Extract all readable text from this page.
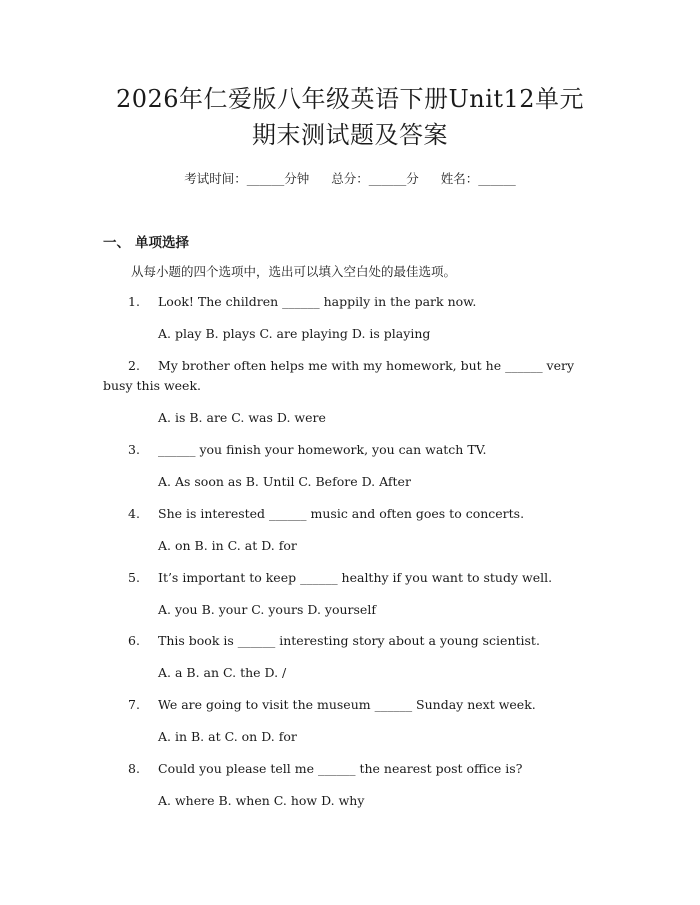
2026年仁爱版八年级英语下册Unit12单元
期末测试题及答案
考试时间：______分钟 总分：______分 姓名：______
一、 单项选择
从每小题的四个选项中，选出可以填入空白处的最佳选项。
1. Look! The children ______ happily in the park now.
A. play B. plays C. are playing D. is playing
2. My brother often helps me with my homework, but he ______ very
busy this week.
A. is B. are C. was D. were
3. ______ you finish your homework, you can watch TV.
A. As soon as B. Until C. Before D. After
4. She is interested ______ music and often goes to concerts.
A. on B. in C. at D. for
5. It’s important to keep ______ healthy if you want to study well.
A. you B. your C. yours D. yourself
6. This book is ______ interesting story about a young scientist.
A. a B. an C. the D. /
7. We are going to visit the museum ______ Sunday next week.
A. in B. at C. on D. for
8. Could you please tell me ______ the nearest post office is?
A. where B. when C. how D. why
